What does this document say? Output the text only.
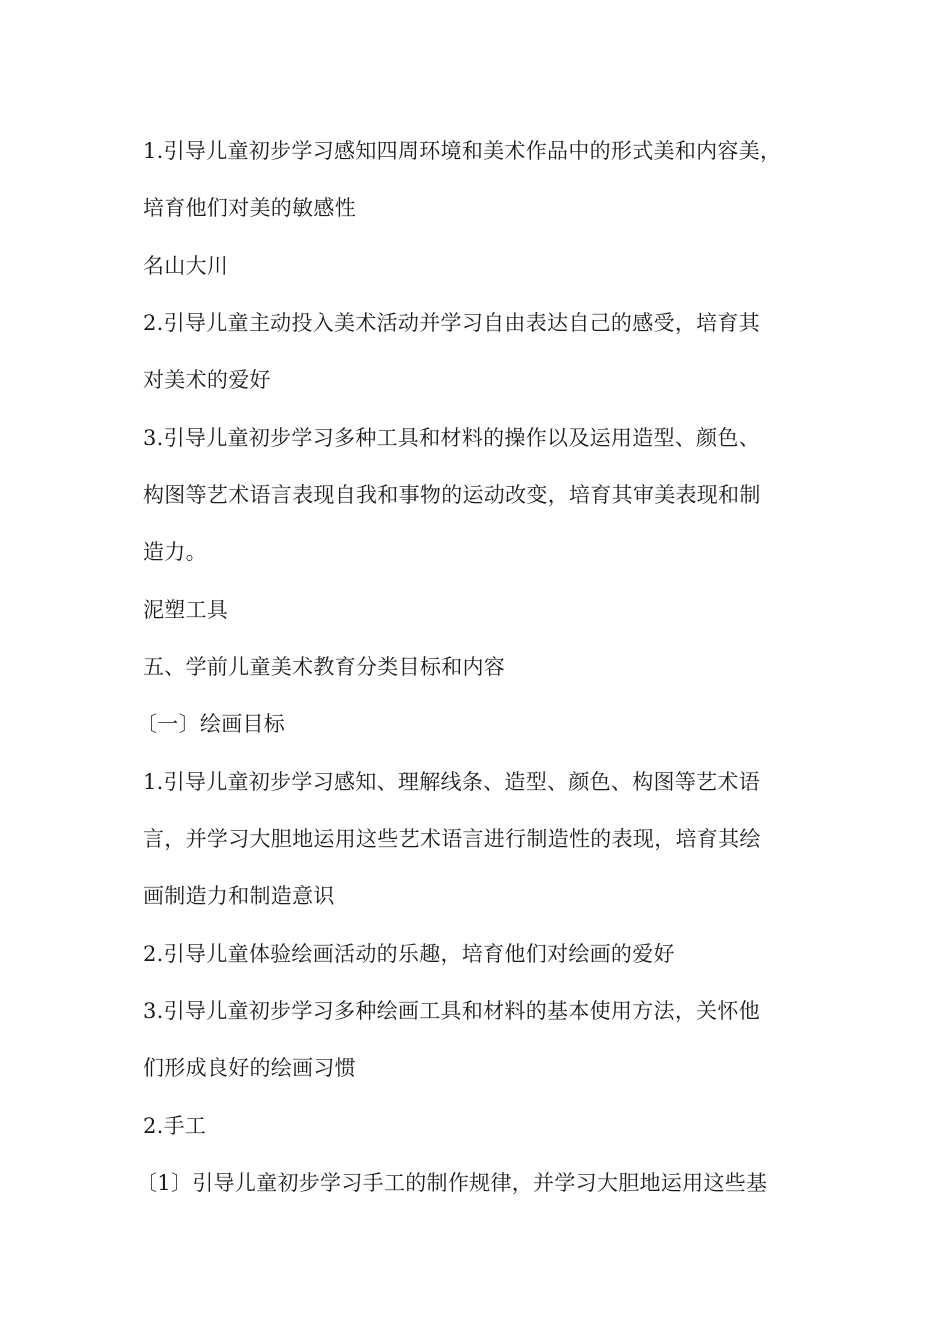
1.引导儿童初步学习感知四周环境和美术作品中的形式美和内容美，
培育他们对美的敏感性
名山大川
2.引导儿童主动投入美术活动并学习自由表达自己的感受，培育其
对美术的爱好
3.引导儿童初步学习多种工具和材料的操作以及运用造型、颜色、
构图等艺术语言表现自我和事物的运动改变，培育其审美表现和制
造力。
泥塑工具
五、学前儿童美术教育分类目标和内容
〔一〕绘画目标
1.引导儿童初步学习感知、理解线条、造型、颜色、构图等艺术语
言，并学习大胆地运用这些艺术语言进行制造性的表现，培育其绘
画制造力和制造意识
2.引导儿童体验绘画活动的乐趣，培育他们对绘画的爱好
3.引导儿童初步学习多种绘画工具和材料的基本使用方法，关怀他
们形成良好的绘画习惯
2.手工
〔1〕引导儿童初步学习手工的制作规律，并学习大胆地运用这些基
